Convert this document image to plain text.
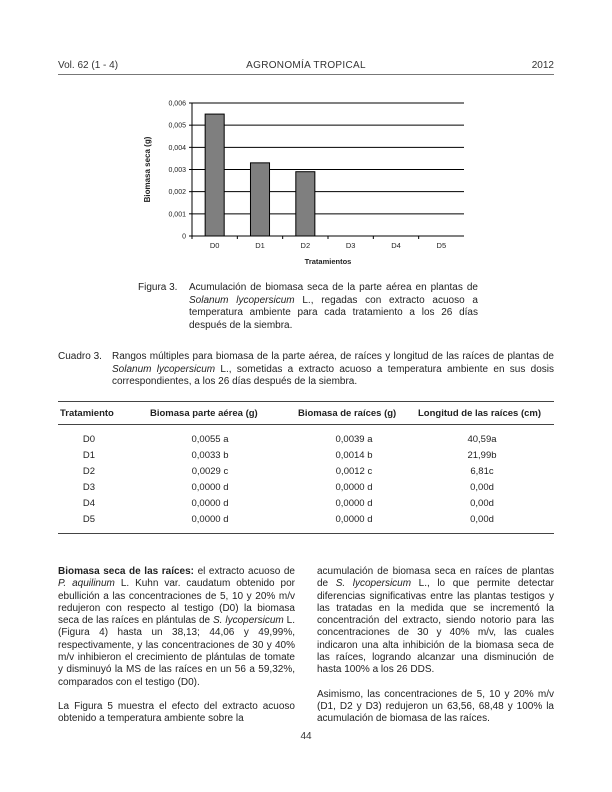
Vol. 62 (1 - 4)	AGRONOMÍA TROPICAL	2012
0
0,001
0,002
0,003
0,004
0,005
0,006
D0	D1	D2	D3	D4	D5
Tratamientos
Biomasa seca (g)
Figura 3. Acumulación de biomasa seca de la parte aérea en plantas de Solanum lycopersicum L., regadas con extracto acuoso a temperatura ambiente para cada tratamiento a los 26 días después de la siembra.
Cuadro 3. Rangos múltiples para biomasa de la parte aérea, de raíces y longitud de las raíces de plantas de Solanum lycopersicum L., sometidas a extracto acuoso a temperatura ambiente en sus dosis correspondientes, a los 26 días después de la siembra.
Tratamiento	Biomasa parte aérea (g)	Biomasa de raíces (g) Longitud de las raíces (cm)
D0	0,0055 a	0,0039 a	40,59a
D1	0,0033 b	0,0014 b	21,99b
D2	0,0029 c	0,0012 c	6,81c
D3	0,0000 d	0,0000 d	0,00d
D4	0,0000 d	0,0000 d	0,00d
D5	0,0000 d	0,0000 d	0,00d

Biomasa seca de las raíces: el extracto acuoso de P. aquilinum L. Kuhn var. caudatum obtenido por ebullición a las concentraciones de 5, 10 y 20% m/v redujeron con respecto al testigo (D0) la biomasa seca de las raíces en plántulas de S. lycopersicum L. (Figura 4) hasta un 38,13; 44,06 y 49,99%, respectivamente, y las concentraciones de 30 y 40% m/v inhibieron el crecimiento de plántulas de tomate y disminuyó la MS de las raíces en un 56 a 59,32%, comparados con el testigo (D0).

La Figura 5 muestra el efecto del extracto acuoso obtenido a temperatura ambiente sobre la

acumulación de biomasa seca en raíces de plantas de S. lycopersicum L., lo que permite detectar diferencias significativas entre las plantas testigos y las tratadas en la medida que se incrementó la concentración del extracto, siendo notorio para las concentraciones de 30 y 40% m/v, las cuales indicaron una alta inhibición de la biomasa seca de las raíces, logrando alcanzar una disminución de hasta 100% a los 26 DDS.

Asimismo, las concentraciones de 5, 10 y 20% m/v (D1, D2 y D3) redujeron un 63,56, 68,48 y 100% la acumulación de biomasa de las raíces.

44
